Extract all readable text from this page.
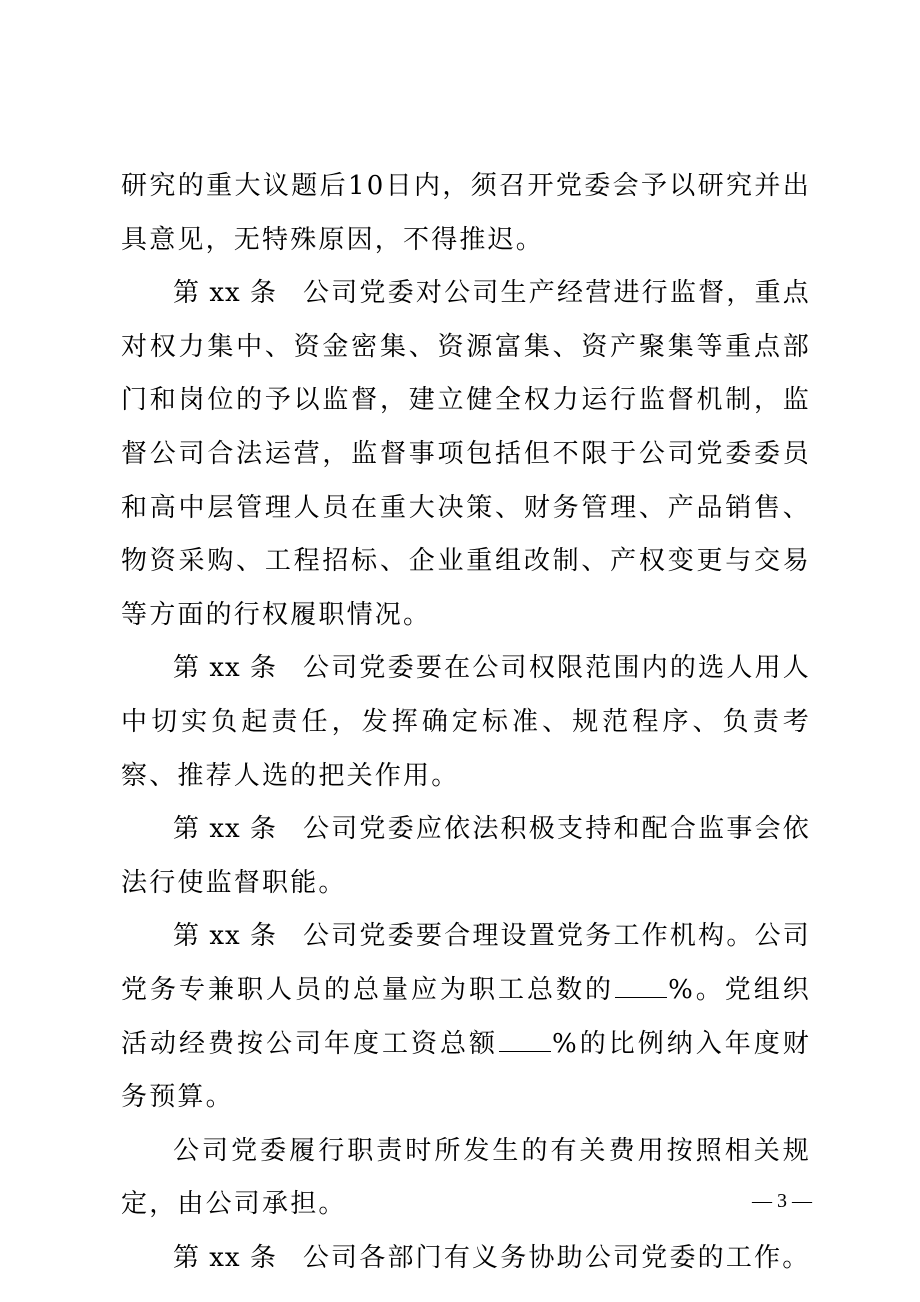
研究的重大议题后10日内，须召开党委会予以研究并出具意见，无特殊原因，不得推迟。

第 xx 条 公司党委对公司生产经营进行监督，重点对权力集中、资金密集、资源富集、资产聚集等重点部门和岗位的予以监督，建立健全权力运行监督机制，监督公司合法运营，监督事项包括但不限于公司党委委员和高中层管理人员在重大决策、财务管理、产品销售、物资采购、工程招标、企业重组改制、产权变更与交易等方面的行权履职情况。

第 xx 条 公司党委要在公司权限范围内的选人用人中切实负起责任，发挥确定标准、规范程序、负责考察、推荐人选的把关作用。

第 xx 条 公司党委应依法积极支持和配合监事会依法行使监督职能。

第 xx 条 公司党委要合理设置党务工作机构。公司党务专兼职人员的总量应为职工总数的 %。党组织活动经费按公司年度工资总额 %的比例纳入年度财务预算。

公司党委履行职责时所发生的有关费用按照相关规定，由公司承担。

第 xx 条 公司各部门有义务协助公司党委的工作。

— 3 —
